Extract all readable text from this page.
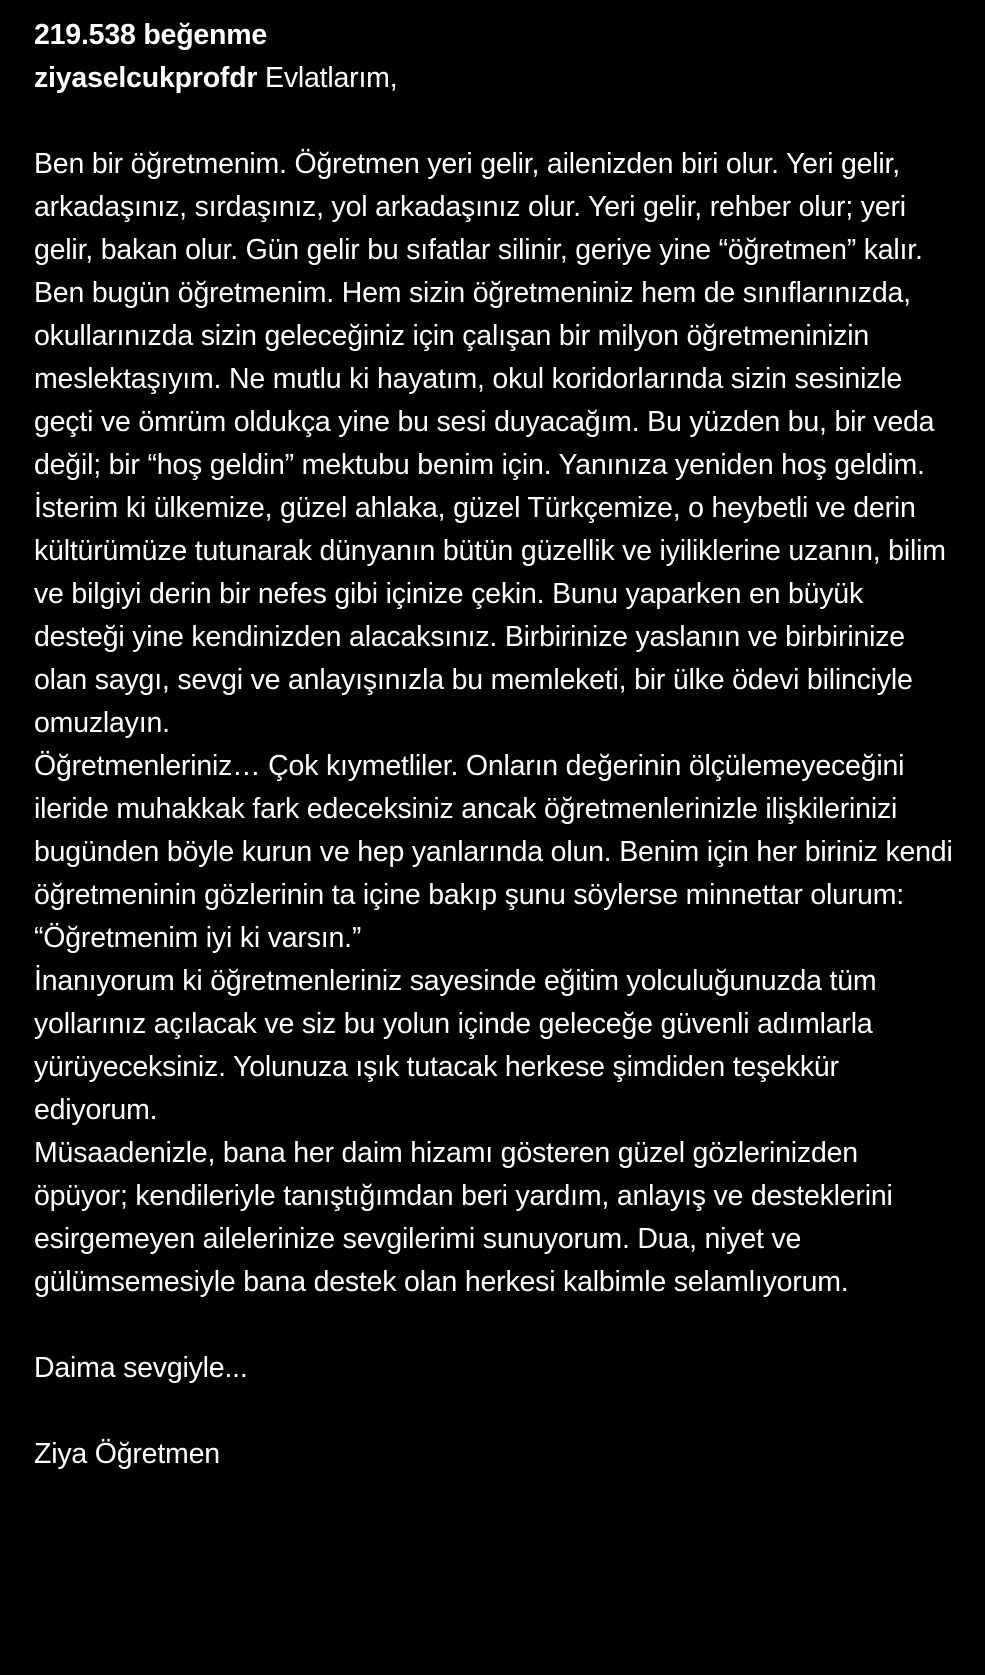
219.538 beğenme
ziyaselcukprofdr Evlatlarım,

Ben bir öğretmenim. Öğretmen yeri gelir, ailenizden biri olur. Yeri gelir, arkadaşınız, sırdaşınız, yol arkadaşınız olur. Yeri gelir, rehber olur; yeri gelir, bakan olur. Gün gelir bu sıfatlar silinir, geriye yine “öğretmen” kalır.

Ben bugün öğretmenim. Hem sizin öğretmeniniz hem de sınıflarınızda, okullarınızda sizin geleceğiniz için çalışan bir milyon öğretmeninizin meslektaşıyım. Ne mutlu ki hayatım, okul koridorlarında sizin sesinizle geçti ve ömrüm oldukça yine bu sesi duyacağım. Bu yüzden bu, bir veda değil; bir “hoş geldin” mektubu benim için. Yanınıza yeniden hoş geldim.

İsterim ki ülkemize, güzel ahlaka, güzel Türkçemize, o heybetli ve derin kültürümüze tutunarak dünyanın bütün güzellik ve iyiliklerine uzanın, bilim ve bilgiyi derin bir nefes gibi içinize çekin. Bunu yaparken en büyük desteği yine kendinizden alacaksınız. Birbirinize yaslanın ve birbirinize olan saygı, sevgi ve anlayışınızla bu memleketi, bir ülke ödevi bilinciyle omuzlayın.

Öğretmenleriniz… Çok kıymetliler. Onların değerinin ölçülemeyeceğini ileride muhakkak fark edeceksiniz ancak öğretmenlerinizle ilişkilerinizi bugünden böyle kurun ve hep yanlarında olun. Benim için her biriniz kendi öğretmeninin gözlerinin ta içine bakıp şunu söylerse minnettar olurum: “Öğretmenim iyi ki varsın.”

İnanıyorum ki öğretmenleriniz sayesinde eğitim yolculuğunuzda tüm yollarınız açılacak ve siz bu yolun içinde geleceğe güvenli adımlarla yürüyeceksiniz. Yolunuza ışık tutacak herkese şimdiden teşekkür ediyorum.

Müsaadenizle, bana her daim hizamı gösteren güzel gözlerinizden öpüyor; kendileriyle tanıştığımdan beri yardım, anlayış ve desteklerini esirgemeyen ailelerinize sevgilerimi sunuyorum. Dua, niyet ve gülümsemesiyle bana destek olan herkesi kalbimle selamlıyorum.

Daima sevgiyle...

Ziya Öğretmen
